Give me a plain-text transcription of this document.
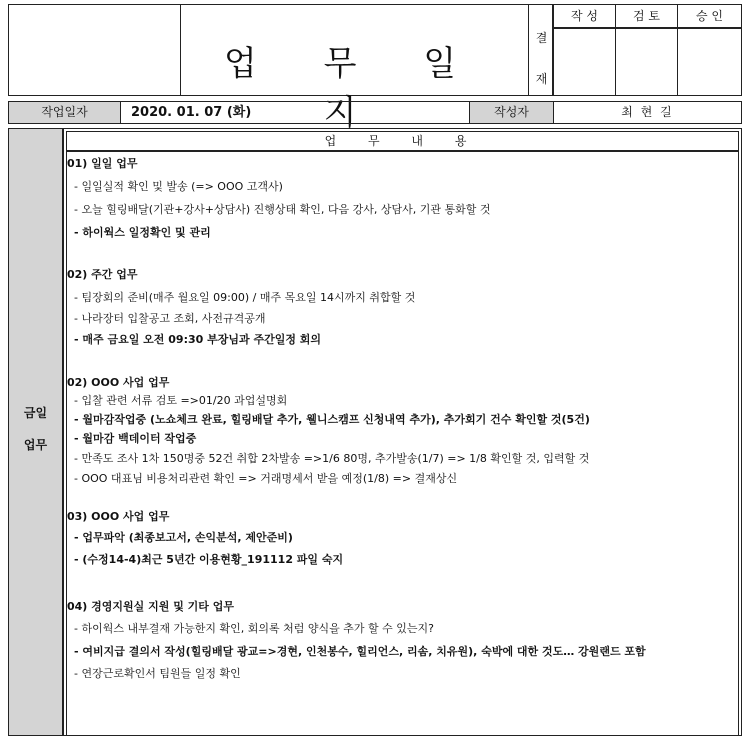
업 무 일 지
결
재
작 성	검 토	승 인
작업일자	2020. 01. 07 (화)	작성자	최 현 길
금일
업무
업 무 내 용
01) 일일 업무
- 일일실적 확인 및 발송 (=> OOO 고객사)
- 오늘 힐링배달(기관+강사+상담사) 진행상태 확인, 다음 강사, 상담사, 기관 통화할 것
- 하이웍스 일정확인 및 관리
02) 주간 업무
- 팀장회의 준비(매주 월요일 09:00) / 매주 목요일 14시까지 취합할 것
- 나라장터 입찰공고 조회, 사전규격공개
- 매주 금요일 오전 09:30 부장님과 주간일정 회의
02) OOO 사업 업무
- 입찰 관련 서류 검토 =>01/20 과업설명회
- 월마감작업중 (노쇼체크 완료, 힐링배달 추가, 웰니스캠프 신청내역 추가), 추가회기 건수 확인할 것(5건)
- 월마감 백데이터 작업중
- 만족도 조사 1차 150명중 52건 취합 2차발송 =>1/6 80명, 추가발송(1/7) => 1/8 확인할 것, 입력할 것
- OOO 대표님 비용처리관련 확인 => 거래명세서 받을 예정(1/8) => 결재상신
03) OOO 사업 업무
- 업무파악 (최종보고서, 손익분석, 제안준비)
- (수정14-4)최근 5년간 이용현황_191112 파일 숙지
04) 경영지원실 지원 및 기타 업무
- 하이웍스 내부결재 가능한지 확인, 회의록 처럼 양식을 추가 할 수 있는지?
- 여비지급 결의서 작성(힐링배달 광교=>경현, 인천봉수, 힐리언스, 리솜, 치유원), 숙박에 대한 것도… 강원랜드 포함
- 연장근로확인서 팀원들 일정 확인
